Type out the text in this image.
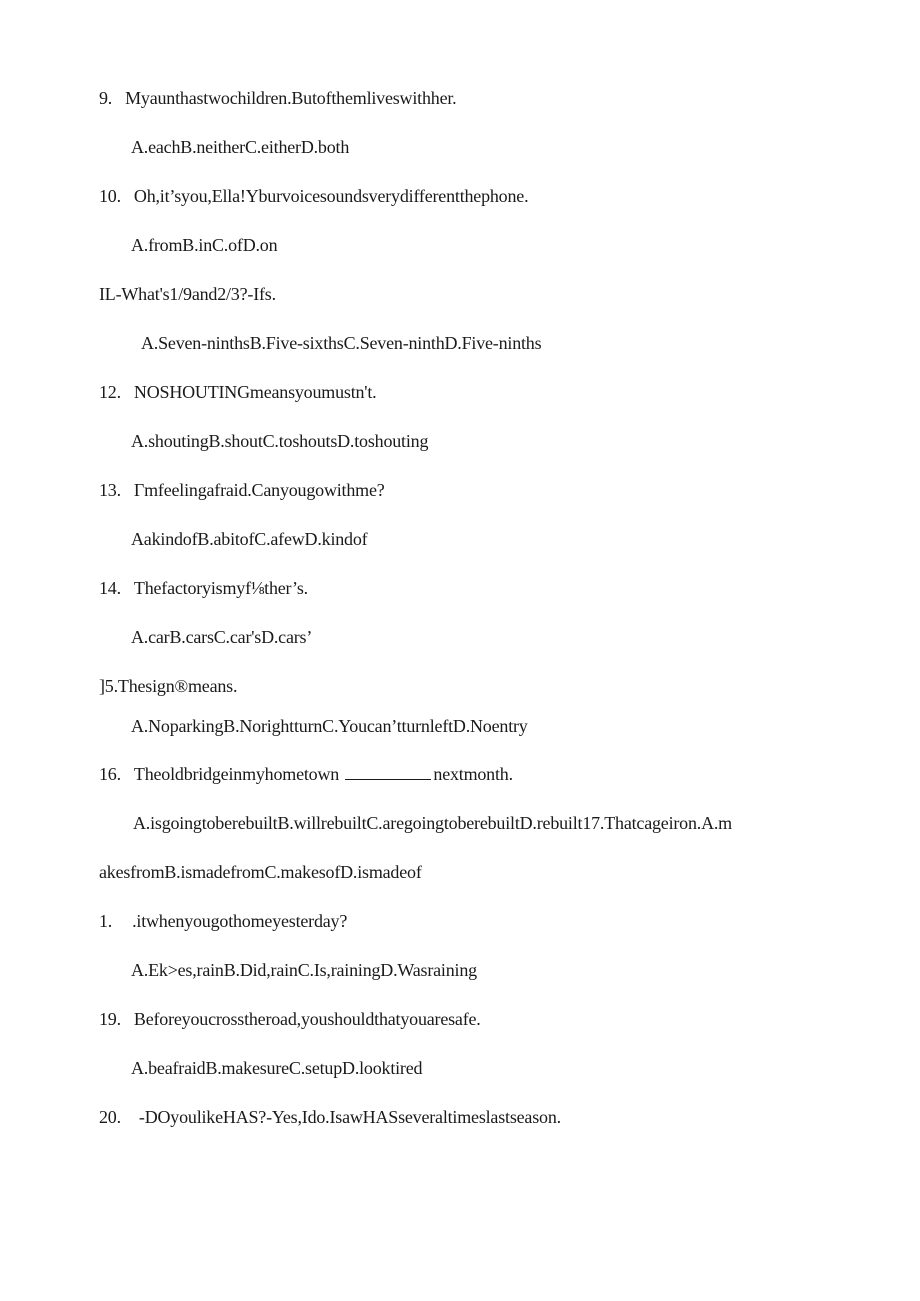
9. Myaunthastwochildren.Butofthemliveswithher.
A.eachB.neitherC.eitherD.both
10. Oh,it’syou,Ella!Yburvoicesoundsverydifferentthephone.
A.fromB.inC.ofD.on
IL-What's1/9and2/3?-Ifs.
A.Seven-ninthsB.Five-sixthsC.Seven-ninthD.Five-ninths
12. NOSHOUTINGmeansyoumustn't.
A.shoutingB.shoutC.toshoutsD.toshouting
13. Γmfeelingafraid.Canyougowithme?
AakindofB.abitofC.afewD.kindof
14. Thefactoryismyf⅛ther’s.
A.carB.carsC.car'sD.cars’
]5.Thesign®means.
A.NoparkingB.NorightturnC.Youcan’tturnleftD.Noentry
16. Theoldbridgeinmyhometown	nextmonth.
A.isgoingtoberebuiltB.willrebuiltC.aregoingtoberebuiltD.rebuilt17.Thatcageiron.A.m
akesfromB.ismadefromC.makesofD.ismadeof
1. .itwhenyougothomeyesterday?
A.Ek>es,rainB.Did,rainC.Is,rainingD.Wasraining
19. Beforeyoucrosstheroad,youshouldthatyouaresafe.
A.beafraidB.makesureC.setupD.looktired
20. -DOyoulikeHAS?-Yes,Ido.IsawHASseveraltimeslastseason.
